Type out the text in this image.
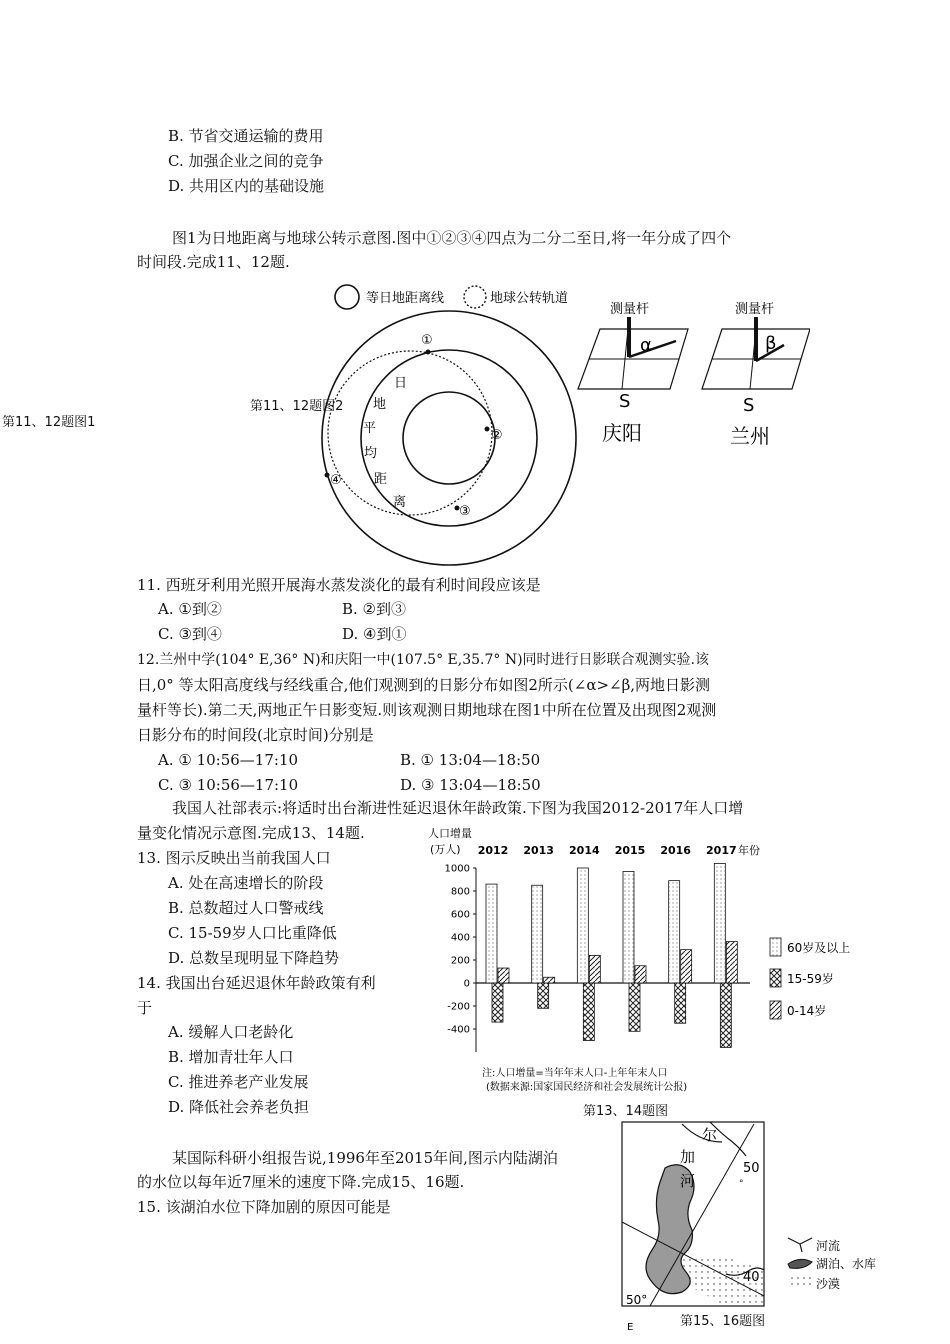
B. 节省交通运输的费用
C. 加强企业之间的竞争
D. 共用区内的基础设施
图1为日地距离与地球公转示意图.图中①②③④四点为二分二至日,将一年分成了四个
时间段.完成11、12题.
第11、12题图1
第11、12题图2
等日地距离线	地球公转轨道
①
②
③
④
日
地
平
均
距
离
测量杆	测量杆
α
S
庆阳
β
S
兰州
11. 西班牙利用光照开展海水蒸发淡化的最有利时间段应该是
A. ①到②	B. ②到③
C. ③到④	D. ④到①
12.兰州中学(104° E,36° N)和庆阳一中(107.5° E,35.7° N)同时进行日影联合观测实验.该
日,0° 等太阳高度线与经线重合,他们观测到的日影分布如图2所示(∠α>∠β,两地日影测
量杆等长).第二天,两地正午日影变短.则该观测日期地球在图1中所在位置及出现图2观测
日影分布的时间段(北京时间)分别是
A. ① 10:56—17:10	B. ① 13:04—18:50
C. ③ 10:56—17:10	D. ③ 13:04—18:50
我国人社部表示:将适时出台渐进性延迟退休年龄政策.下图为我国2012-2017年人口增
量变化情况示意图.完成13、14题.
13. 图示反映出当前我国人口
A. 处在高速增长的阶段
B. 总数超过人口警戒线
C. 15-59岁人口比重降低
D. 总数呈现明显下降趋势
14. 我国出台延迟退休年龄政策有利
于
A. 缓解人口老龄化
B. 增加青壮年人口
C. 推进养老产业发展
D. 降低社会养老负担
人口增量
(万人)	年份
1000
800
600
400
200
0
-200
-400
2012 2013 2014 2015 2016 2017
60岁及以上
15-59岁
0-14岁
注:人口增量=当年年末人口-上年年末人口
(数据来源:国家国民经济和社会发展统计公报)
第13、14题图
某国际科研小组报告说,1996年至2015年间,图示内陆湖泊
的水位以每年近7厘米的速度下降.完成15、16题.
15. 该湖泊水位下降加剧的原因可能是
尔
加
河
50
°
40
50°
E
河流
湖泊、水库
沙漠
第15、16题图
